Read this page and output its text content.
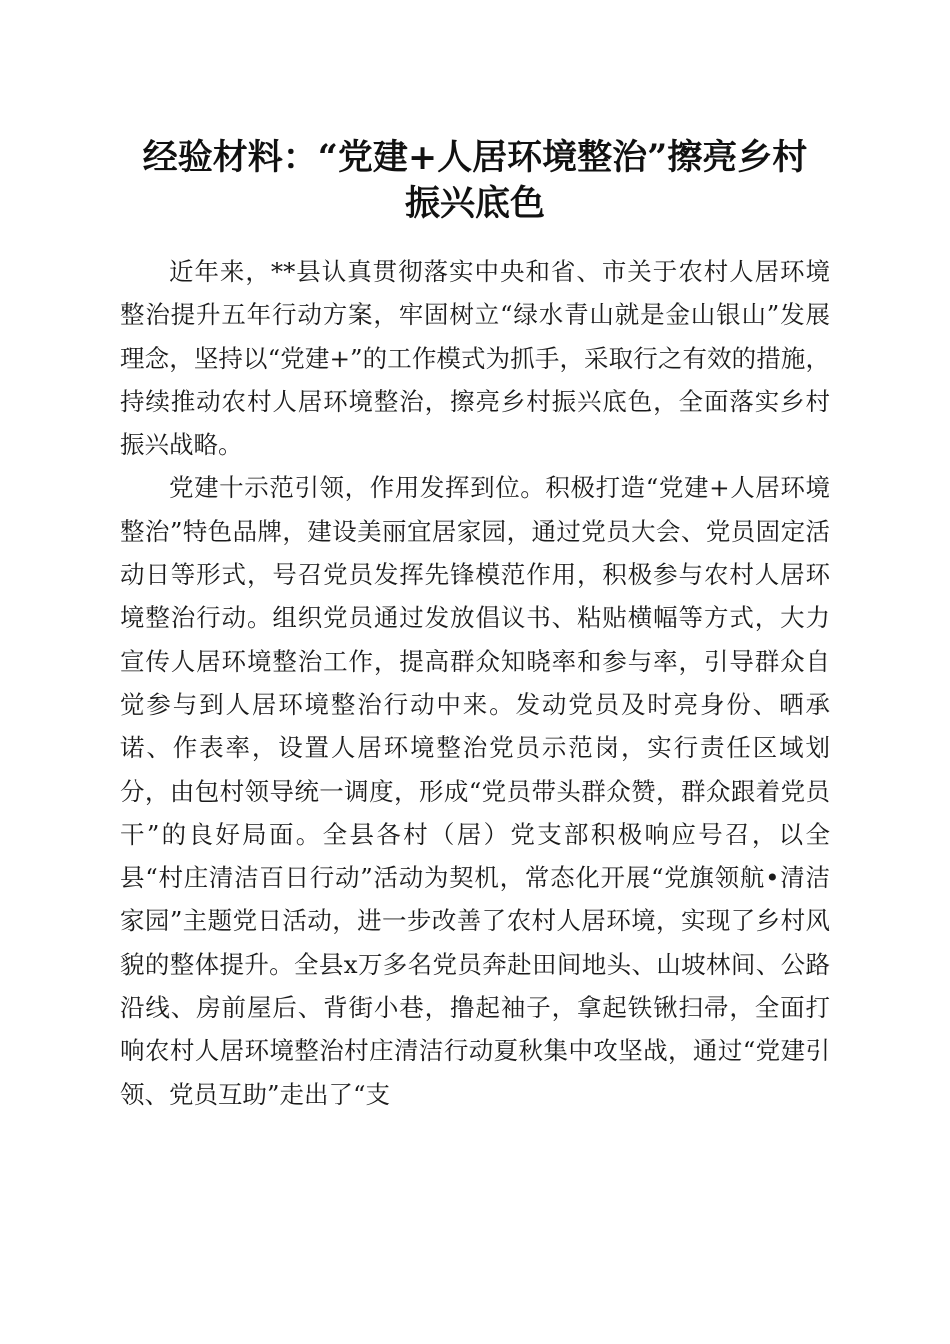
经验材料：“党建+人居环境整治”擦亮乡村
振兴底色

近年来，**县认真贯彻落实中央和省、市关于农村人居环境整治提升五年行动方案，牢固树立“绿水青山就是金山银山”发展理念，坚持以“党建+”的工作模式为抓手，采取行之有效的措施，持续推动农村人居环境整治，擦亮乡村振兴底色，全面落实乡村振兴战略。

党建十示范引领，作用发挥到位。积极打造“党建+人居环境整治”特色品牌，建设美丽宜居家园，通过党员大会、党员固定活动日等形式，号召党员发挥先锋模范作用，积极参与农村人居环境整治行动。组织党员通过发放倡议书、粘贴横幅等方式，大力宣传人居环境整治工作，提高群众知晓率和参与率，引导群众自觉参与到人居环境整治行动中来。发动党员及时亮身份、晒承诺、作表率，设置人居环境整治党员示范岗，实行责任区域划分，由包村领导统一调度，形成“党员带头群众赞，群众跟着党员干”的良好局面。全县各村（居）党支部积极响应号召，以全县“村庄清洁百日行动”活动为契机，常态化开展“党旗领航•清洁家园”主题党日活动，进一步改善了农村人居环境，实现了乡村风貌的整体提升。全县x万多名党员奔赴田间地头、山坡林间、公路沿线、房前屋后、背街小巷，撸起袖子，拿起铁锹扫帚，全面打响农村人居环境整治村庄清洁行动夏秋集中攻坚战，通过“党建引领、党员互助”走出了“支
